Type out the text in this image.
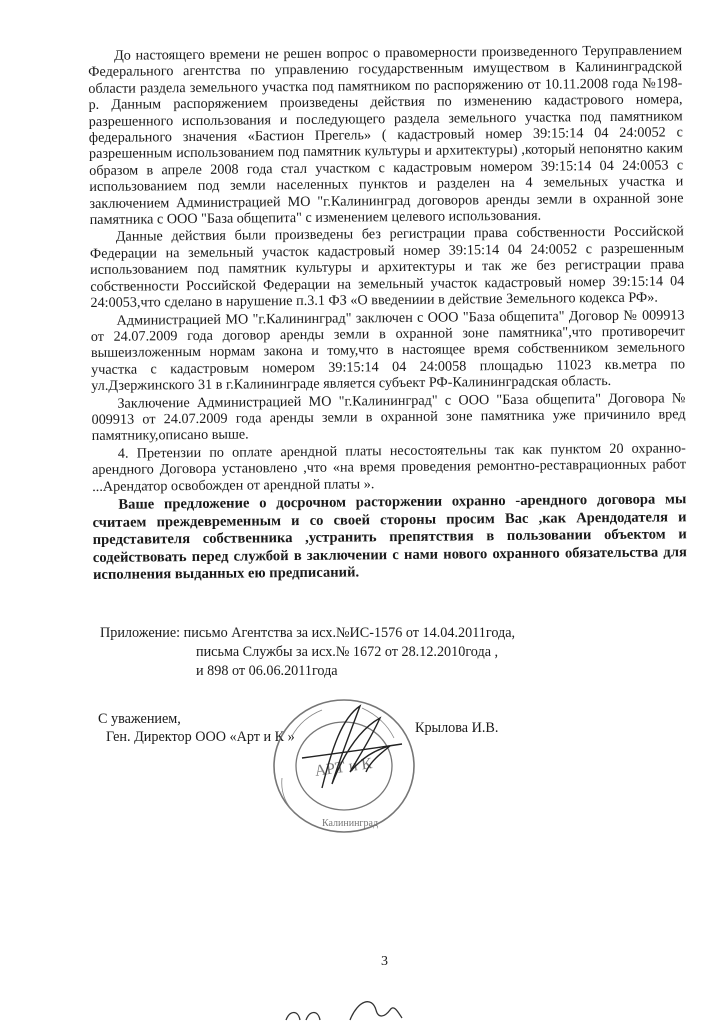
До настоящего времени не решен вопрос о правомерности произведенного Теруправлением Федерального агентства по управлению государственным имуществом в Калининградской области раздела земельного участка под памятником по распоряжению от 10.11.2008 года №198-р. Данным распоряжением произведены действия по изменению кадастрового номера, разрешенного использования и последующего раздела земельного участка под памятником федерального значения «Бастион Прегель» ( кадастровый номер 39:15:14 04 24:0052 с разрешенным использованием под памятник культуры и архитектуры) ,который непонятно каким образом в апреле 2008 года стал участком с кадастровым номером 39:15:14 04 24:0053 с использованием под земли населенных пунктов и разделен на 4 земельных участка и заключением Администрацией МО "г.Калининград договоров аренды земли в охранной зоне памятника с ООО "База общепита" с изменением целевого использования.

Данные действия были произведены без регистрации права собственности Российской Федерации на земельный участок кадастровый номер 39:15:14 04 24:0052 с разрешенным использованием под памятник культуры и архитектуры и так же без регистрации права собственности Российской Федерации на земельный участок кадастровый номер 39:15:14 04 24:0053,что сделано в нарушение п.3.1 ФЗ «О введениии в действие Земельного кодекса РФ».

Администрацией МО "г.Калининград" заключен с ООО "База общепита" Договор № 009913 от 24.07.2009 года договор аренды земли в охранной зоне памятника",что противоречит вышеизложенным нормам закона и тому,что в настоящее время собственником земельного участка с кадастровым номером 39:15:14 04 24:0058 площадью 11023 кв.метра по ул.Дзержинского 31 в г.Калининграде является субъект РФ-Калининградская область.

Заключение Администрацией МО "г.Калининград" с ООО "База общепита" Договора № 009913 от 24.07.2009 года аренды земли в охранной зоне памятника уже причинило вред памятнику,описано выше.

4. Претензии по оплате арендной платы несостоятельны так как пунктом 20 охранно-арендного Договора установлено ,что «на время проведения ремонтно-реставрационных работ ...Арендатор освобожден от арендной платы ».

Ваше предложение о досрочном расторжении охранно -арендного договора мы считаем преждевременным и со своей стороны просим Вас ,как Арендодателя и представителя собственника ,устранить препятствия в пользовании объектом и содействовать перед службой в заключении с нами нового охранного обязательства для исполнения выданных ею предписаний.

Приложение: письмо Агентства за исх.№ИС-1576 от 14.04.2011года,
письма Службы за исх.№ 1672 от 28.12.2010года ,
и 898 от 06.06.2011года
С уважением,
Ген. Директор ООО «Арт и К »
Крылова И.В.
АРТ и К
Калининград
3
